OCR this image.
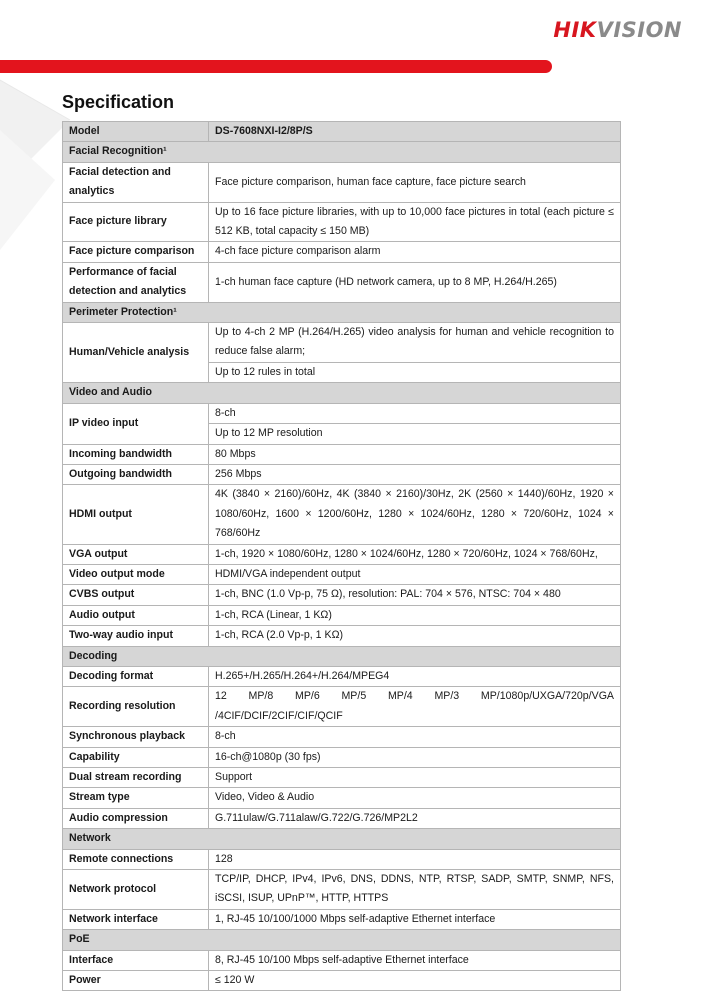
HIKVISION
Specification
Model	DS-7608NXI-I2/8P/S
Facial Recognition¹	
Facial detection and analytics	Face picture comparison, human face capture, face picture search
Face picture library	Up to 16 face picture libraries, with up to 10,000 face pictures in total (each picture ≤ 512 KB, total capacity ≤ 150 MB)
Face picture comparison	4-ch face picture comparison alarm
Performance of facial detection and analytics	1-ch human face capture (HD network camera, up to 8 MP, H.264/H.265)
Perimeter Protection¹	
Human/Vehicle analysis	Up to 4-ch 2 MP (H.264/H.265) video analysis for human and vehicle recognition to reduce false alarm;
	Up to 12 rules in total
Video and Audio	
IP video input	8-ch
	Up to 12 MP resolution
Incoming bandwidth	80 Mbps
Outgoing bandwidth	256 Mbps
HDMI output	4K (3840 × 2160)/60Hz, 4K (3840 × 2160)/30Hz, 2K (2560 × 1440)/60Hz, 1920 × 1080/60Hz, 1600 × 1200/60Hz, 1280 × 1024/60Hz, 1280 × 720/60Hz, 1024 × 768/60Hz
VGA output	1-ch, 1920 × 1080/60Hz, 1280 × 1024/60Hz, 1280 × 720/60Hz, 1024 × 768/60Hz,
Video output mode	HDMI/VGA independent output
CVBS output	1-ch, BNC (1.0 Vp-p, 75 Ω), resolution: PAL: 704 × 576, NTSC: 704 × 480
Audio output	1-ch, RCA (Linear, 1 KΩ)
Two-way audio input	1-ch, RCA (2.0 Vp-p, 1 KΩ)
Decoding	
Decoding format	H.265+/H.265/H.264+/H.264/MPEG4
Recording resolution	12 MP/8 MP/6 MP/5 MP/4 MP/3 MP/1080p/UXGA/720p/VGA /4CIF/DCIF/2CIF/CIF/QCIF
Synchronous playback	8-ch
Capability	16-ch@1080p (30 fps)
Dual stream recording	Support
Stream type	Video, Video & Audio
Audio compression	G.711ulaw/G.711alaw/G.722/G.726/MP2L2
Network	
Remote connections	128
Network protocol	TCP/IP, DHCP, IPv4, IPv6, DNS, DDNS, NTP, RTSP, SADP, SMTP, SNMP, NFS, iSCSI, ISUP, UPnP™, HTTP, HTTPS
Network interface	1, RJ-45 10/100/1000 Mbps self-adaptive Ethernet interface
PoE	
Interface	8, RJ-45 10/100 Mbps self-adaptive Ethernet interface
Power	≤ 120 W
